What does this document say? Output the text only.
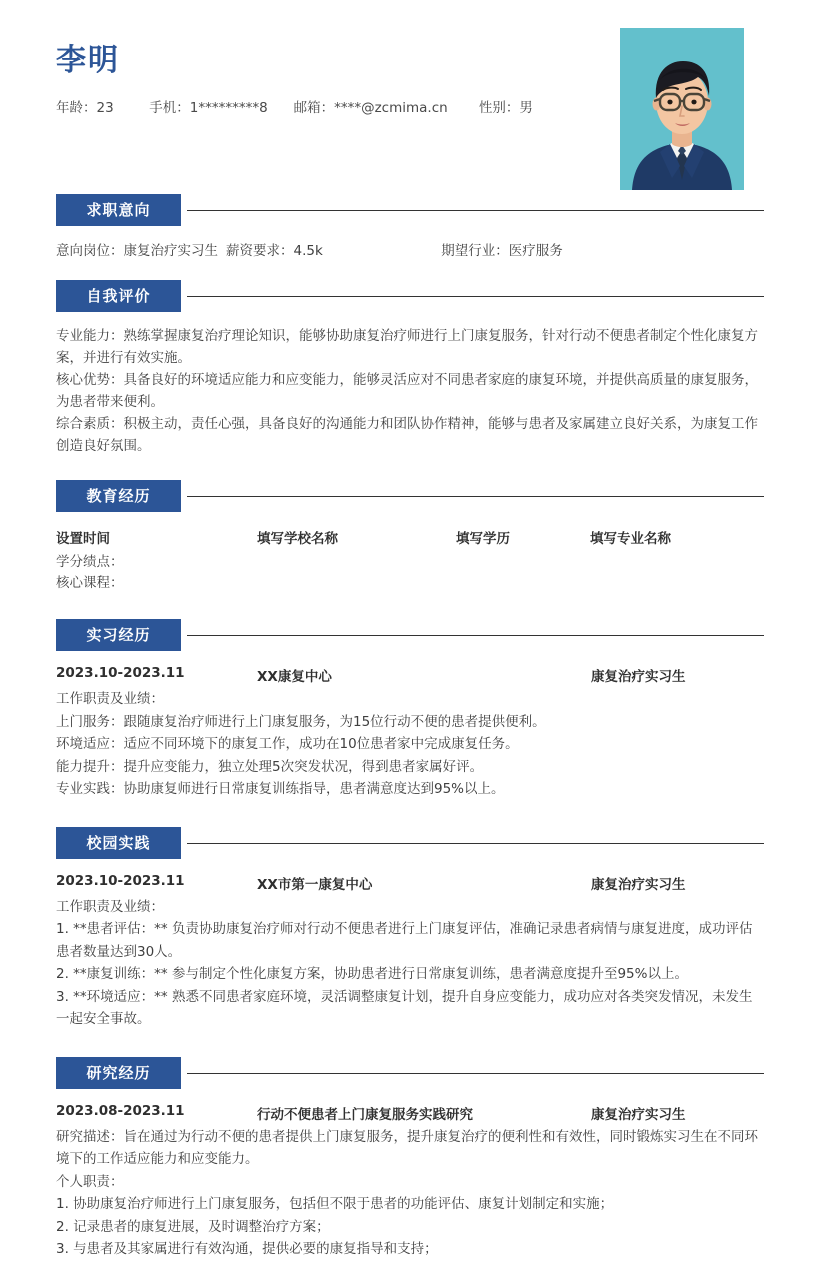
李明
年龄：23	手机：1*********8 邮箱：****@zcmima.cn 性别：男
求职意向
意向岗位：康复治疗实习生 薪资要求：4.5k	期望行业：医疗服务
自我评价

专业能力：熟练掌握康复治疗理论知识，能够协助康复治疗师进行上门康复服务，针对行动不便患者制定个性化康复方案，并进行有效实施。

核心优势：具备良好的环境适应能力和应变能力，能够灵活应对不同患者家庭的康复环境，并提供高质量的康复服务，为患者带来便利。

综合素质：积极主动，责任心强，具备良好的沟通能力和团队协作精神，能够与患者及家属建立良好关系，为康复工作创造良好氛围。

教育经历
设置时间	填写学校名称	填写学历	填写专业名称
学分绩点：
核心课程：
实习经历
2023.10-2023.11	XX康复中心	康复治疗实习生

工作职责及业绩：

上门服务：跟随康复治疗师进行上门康复服务，为15位行动不便的患者提供便利。

环境适应：适应不同环境下的康复工作，成功在10位患者家中完成康复任务。

能力提升：提升应变能力，独立处理5次突发状况，得到患者家属好评。

专业实践：协助康复师进行日常康复训练指导，患者满意度达到95%以上。

校园实践
2023.10-2023.11	XX市第一康复中心	康复治疗实习生

工作职责及业绩：

1. **患者评估：** 负责协助康复治疗师对行动不便患者进行上门康复评估，准确记录患者病情与康复进度，成功评估患者数量达到30人。

2. **康复训练：** 参与制定个性化康复方案，协助患者进行日常康复训练，患者满意度提升至95%以上。

3. **环境适应：** 熟悉不同患者家庭环境，灵活调整康复计划，提升自身应变能力，成功应对各类突发情况，未发生一起安全事故。

研究经历
2023.08-2023.11	行动不便患者上门康复服务实践研究	康复治疗实习生

研究描述：旨在通过为行动不便的患者提供上门康复服务，提升康复治疗的便利性和有效性，同时锻炼实习生在不同环境下的工作适应能力和应变能力。

个人职责：

1. 协助康复治疗师进行上门康复服务，包括但不限于患者的功能评估、康复计划制定和实施；

2. 记录患者的康复进展，及时调整治疗方案；

3. 与患者及其家属进行有效沟通，提供必要的康复指导和支持；
